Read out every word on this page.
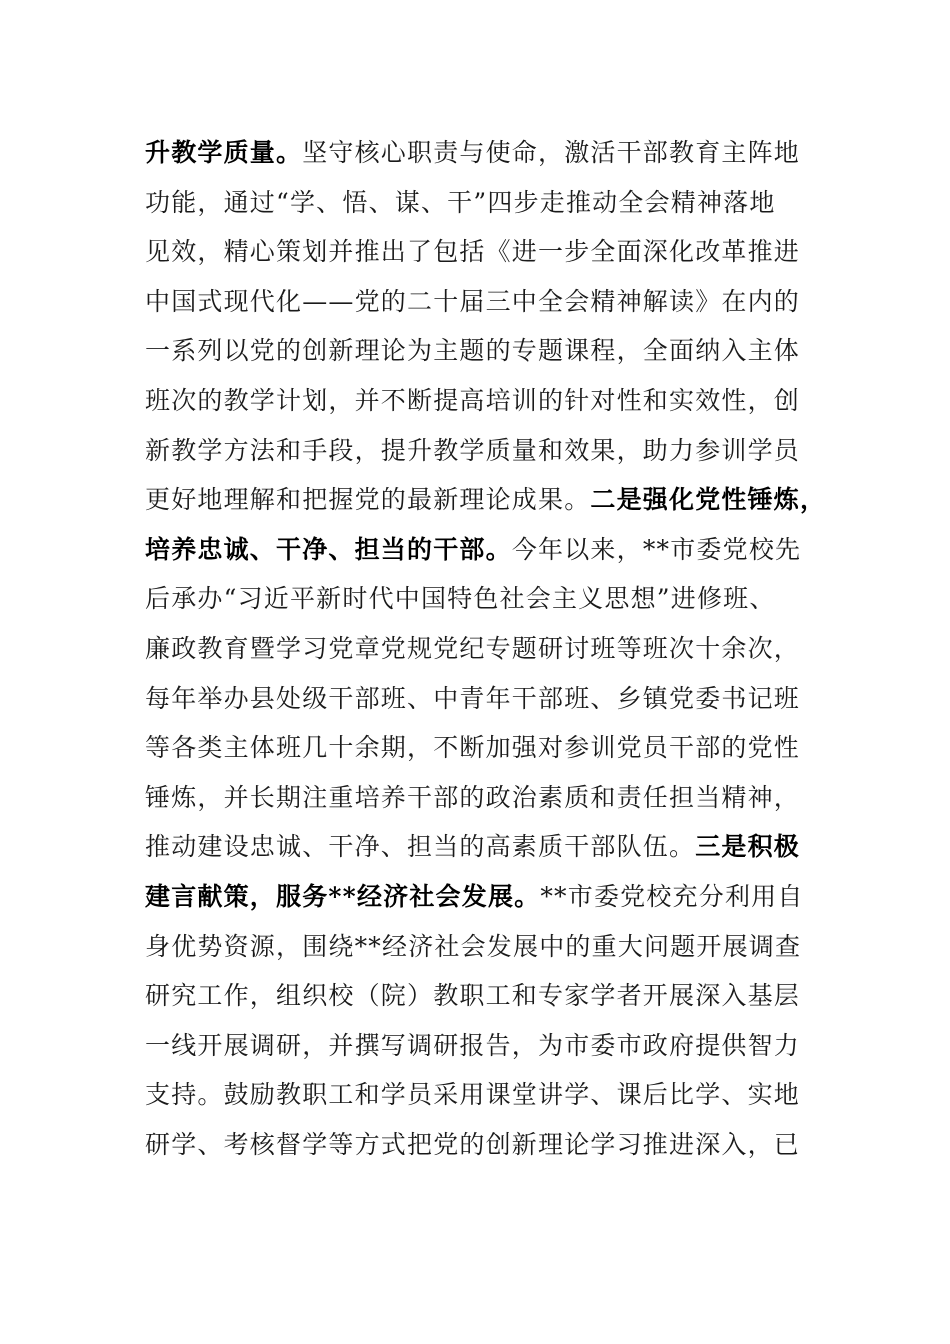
升教学质量。坚守核心职责与使命，激活干部教育主阵地
功能，通过“学、悟、谋、干”四步走推动全会精神落地
见效，精心策划并推出了包括《进一步全面深化改革推进
中国式现代化——党的二十届三中全会精神解读》在内的
一系列以党的创新理论为主题的专题课程，全面纳入主体
班次的教学计划，并不断提高培训的针对性和实效性，创
新教学方法和手段，提升教学质量和效果，助力参训学员
更好地理解和把握党的最新理论成果。二是强化党性锤炼，
培养忠诚、干净、担当的干部。今年以来，**市委党校先
后承办“习近平新时代中国特色社会主义思想”进修班、
廉政教育暨学习党章党规党纪专题研讨班等班次十余次，
每年举办县处级干部班、中青年干部班、乡镇党委书记班
等各类主体班几十余期，不断加强对参训党员干部的党性
锤炼，并长期注重培养干部的政治素质和责任担当精神，
推动建设忠诚、干净、担当的高素质干部队伍。三是积极
建言献策，服务**经济社会发展。**市委党校充分利用自
身优势资源，围绕**经济社会发展中的重大问题开展调查
研究工作，组织校（院）教职工和专家学者开展深入基层
一线开展调研，并撰写调研报告，为市委市政府提供智力
支持。鼓励教职工和学员采用课堂讲学、课后比学、实地
研学、考核督学等方式把党的创新理论学习推进深入，已
